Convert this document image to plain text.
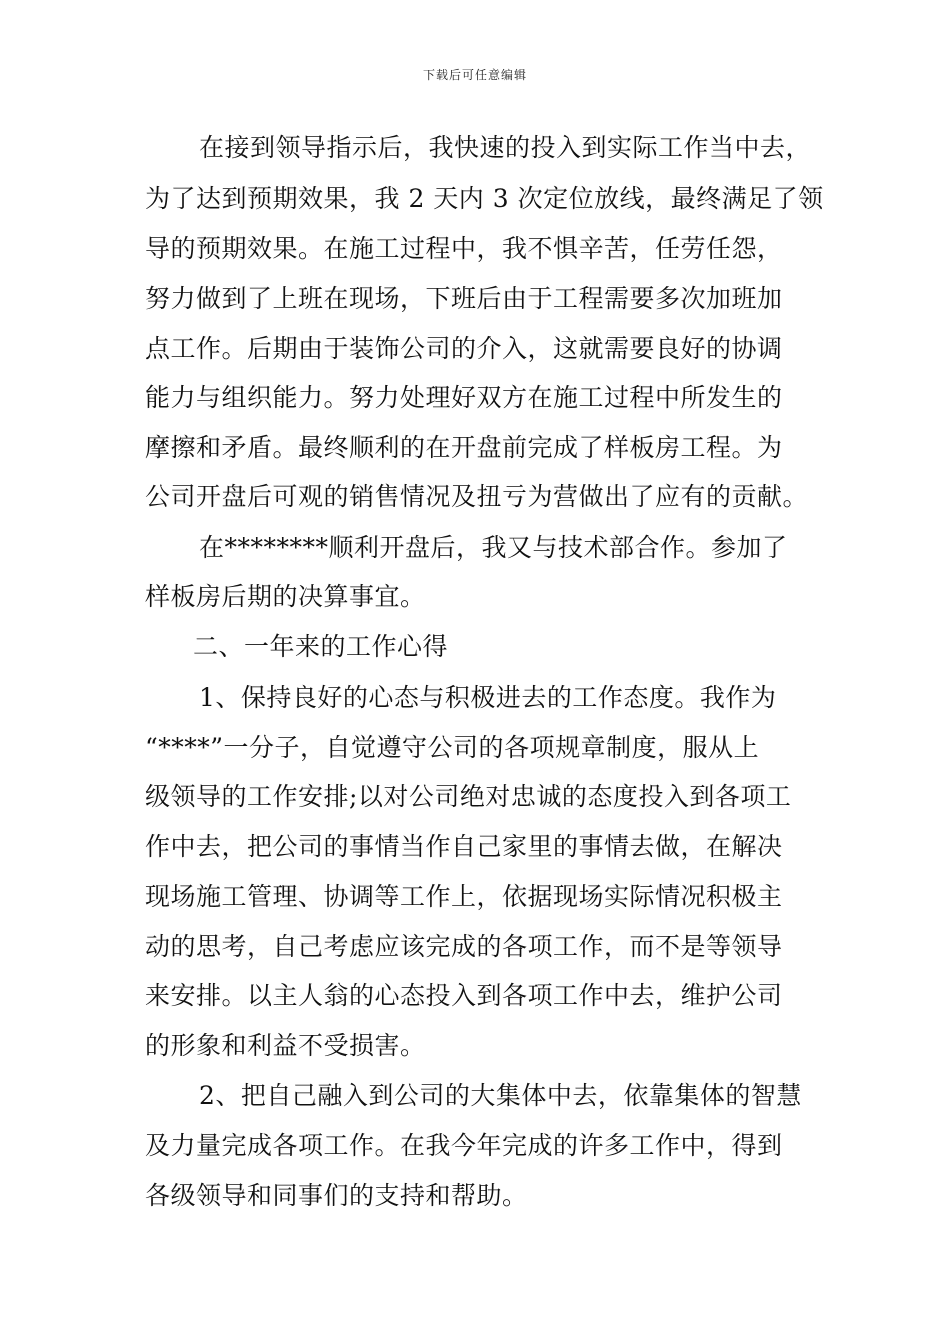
下载后可任意编辑
在接到领导指示后，我快速的投入到实际工作当中去，
为了达到预期效果，我 2 天内 3 次定位放线，最终满足了领
导的预期效果。在施工过程中，我不惧辛苦，任劳任怨，
努力做到了上班在现场，下班后由于工程需要多次加班加
点工作。后期由于装饰公司的介入，这就需要良好的协调
能力与组织能力。努力处理好双方在施工过程中所发生的
摩擦和矛盾。最终顺利的在开盘前完成了样板房工程。为
公司开盘后可观的销售情况及扭亏为营做出了应有的贡献。
在********顺利开盘后，我又与技术部合作。参加了
样板房后期的决算事宜。
二、一年来的工作心得
1、保持良好的心态与积极进去的工作态度。我作为
“****”一分子，自觉遵守公司的各项规章制度，服从上
级领导的工作安排;以对公司绝对忠诚的态度投入到各项工
作中去，把公司的事情当作自己家里的事情去做，在解决
现场施工管理、协调等工作上，依据现场实际情况积极主
动的思考，自己考虑应该完成的各项工作，而不是等领导
来安排。以主人翁的心态投入到各项工作中去，维护公司
的形象和利益不受损害。
2、把自己融入到公司的大集体中去，依靠集体的智慧
及力量完成各项工作。在我今年完成的许多工作中，得到
各级领导和同事们的支持和帮助。
